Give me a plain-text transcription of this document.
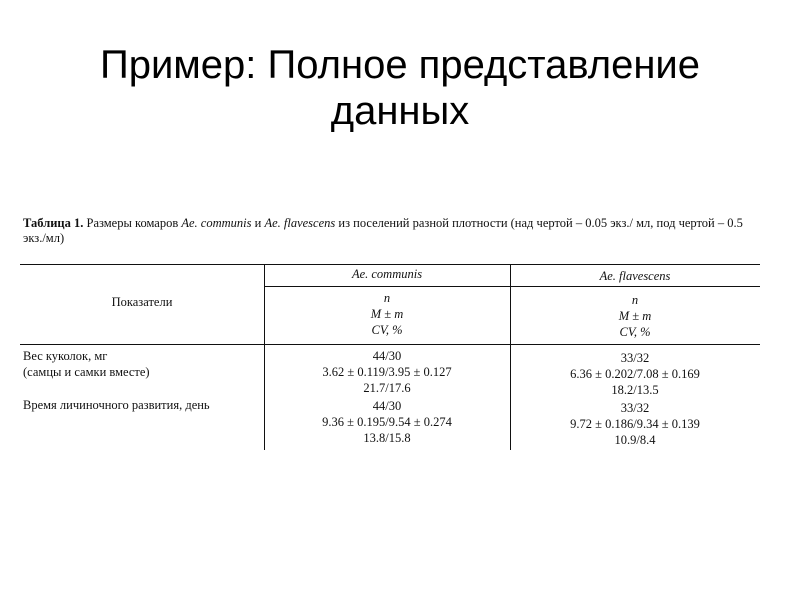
Пример: Полное представление
данных
Таблица 1. Размеры комаров Ae. communis и Ae. flavescens из поселений разной плотности (над чертой – 0.05 экз./ мл, под чертой – 0.5 экз./мл)
Показатели
Ae. communis	Ae. flavescens
n
M ± m
CV, %
n
M ± m
CV, %
Вес куколок, мг
(самцы и самки вместе)
44/30
3.62 ± 0.119/3.95 ± 0.127
21.7/17.6
33/32
6.36 ± 0.202/7.08 ± 0.169
18.2/13.5
Время личиночного развития, день	44/30
9.36 ± 0.195/9.54 ± 0.274
13.8/15.8
33/32
9.72 ± 0.186/9.34 ± 0.139
10.9/8.4
